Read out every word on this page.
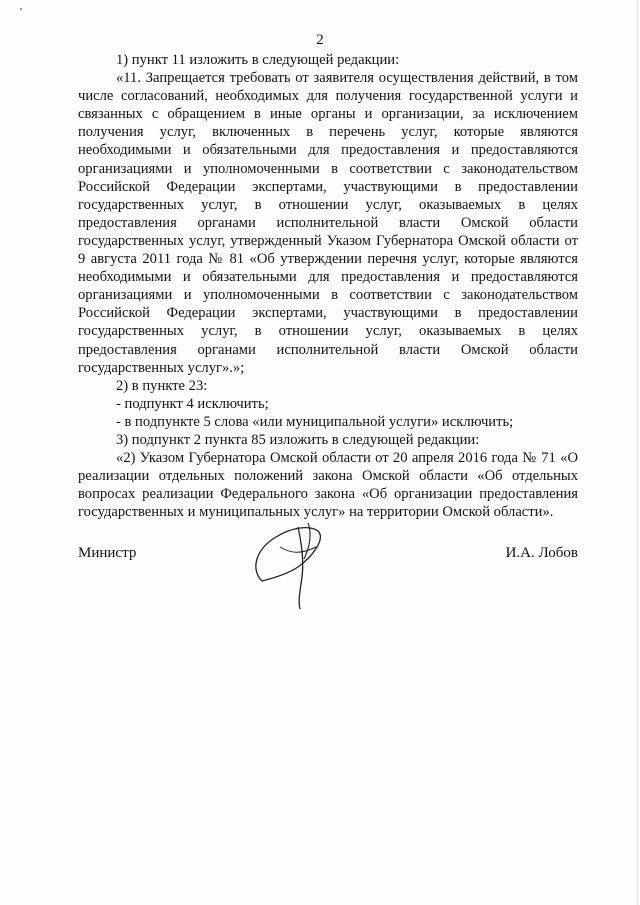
2

1) пункт 11 изложить в следующей редакции:

«11. Запрещается требовать от заявителя осуществления действий, в том числе согласований, необходимых для получения государственной услуги и связанных с обращением в иные органы и организации, за исключением получения услуг, включенных в перечень услуг, которые являются необходимыми и обязательными для предоставления и предоставляются организациями и уполномоченными в соответствии с законодательством Российской Федерации экспертами, участвующими в предоставлении государственных услуг, в отношении услуг, оказываемых в целях предоставления органами исполнительной власти Омской области государственных услуг, утвержденный Указом Губернатора Омской области от 9 августа 2011 года № 81 «Об утверждении перечня услуг, которые являются необходимыми и обязательными для предоставления и предоставляются организациями и уполномоченными в соответствии с законодательством Российской Федерации экспертами, участвующими в предоставлении государственных услуг, в отношении услуг, оказываемых в целях предоставления органами исполнительной власти Омской области государственных услуг».»;

2) в пункте 23:

- подпункт 4 исключить;

- в подпункте 5 слова «или муниципальной услуги» исключить;

3) подпункт 2 пункта 85 изложить в следующей редакции:

«2) Указом Губернатора Омской области от 20 апреля 2016 года № 71 «О реализации отдельных положений закона Омской области «Об отдельных вопросах реализации Федерального закона «Об организации предоставления государственных и муниципальных услуг» на территории Омской области».

Министр	И.А. Лобов
